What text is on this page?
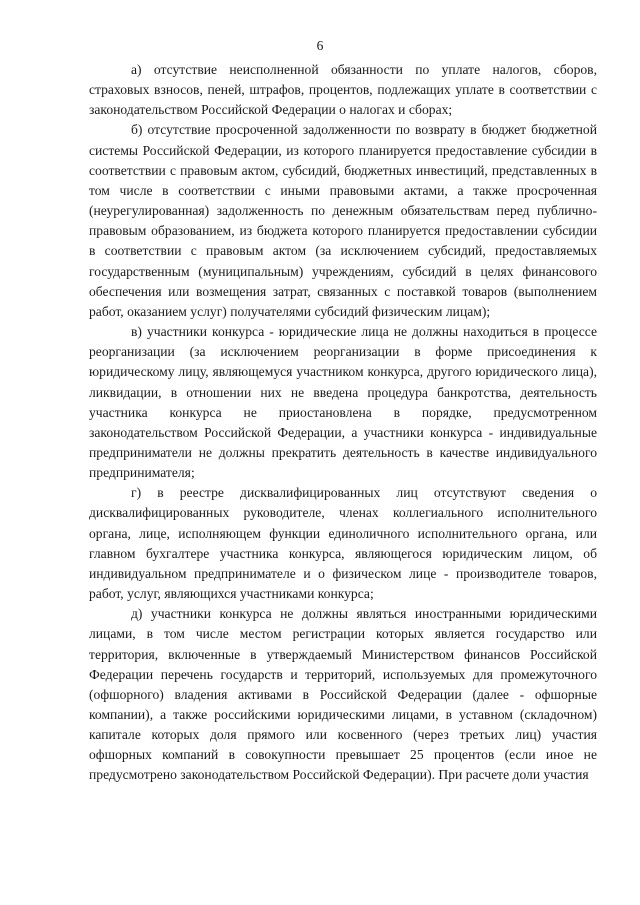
6

а) отсутствие неисполненной обязанности по уплате налогов, сборов, страховых взносов, пеней, штрафов, процентов, подлежащих уплате в соответствии с законодательством Российской Федерации о налогах и сборах;

б) отсутствие просроченной задолженности по возврату в бюджет бюджетной системы Российской Федерации, из которого планируется предоставление субсидии в соответствии с правовым актом, субсидий, бюджетных инвестиций, представленных в том числе в соответствии с иными правовыми актами, а также просроченная (неурегулированная) задолженность по денежным обязательствам перед публично-правовым образованием, из бюджета которого планируется предоставлении субсидии в соответствии с правовым актом (за исключением субсидий, предоставляемых государственным (муниципальным) учреждениям, субсидий в целях финансового обеспечения или возмещения затрат, связанных с поставкой товаров (выполнением работ, оказанием услуг) получателями субсидий физическим лицам);

в) участники конкурса - юридические лица не должны находиться в процессе реорганизации (за исключением реорганизации в форме присоединения к юридическому лицу, являющемуся участником конкурса, другого юридического лица), ликвидации, в отношении них не введена процедура банкротства, деятельность участника конкурса не приостановлена в порядке, предусмотренном законодательством Российской Федерации, а участники конкурса - индивидуальные предприниматели не должны прекратить деятельность в качестве индивидуального предпринимателя;

г) в реестре дисквалифицированных лиц отсутствуют сведения о дисквалифицированных руководителе, членах коллегиального исполнительного органа, лице, исполняющем функции единоличного исполнительного органа, или главном бухгалтере участника конкурса, являющегося юридическим лицом, об индивидуальном предпринимателе и о физическом лице - производителе товаров, работ, услуг, являющихся участниками конкурса;

д) участники конкурса не должны являться иностранными юридическими лицами, в том числе местом регистрации которых является государство или территория, включенные в утверждаемый Министерством финансов Российской Федерации перечень государств и территорий, используемых для промежуточного (офшорного) владения активами в Российской Федерации (далее - офшорные компании), а также российскими юридическими лицами, в уставном (складочном) капитале которых доля прямого или косвенного (через третьих лиц) участия офшорных компаний в совокупности превышает 25 процентов (если иное не предусмотрено законодательством Российской Федерации). При расчете доли участия
